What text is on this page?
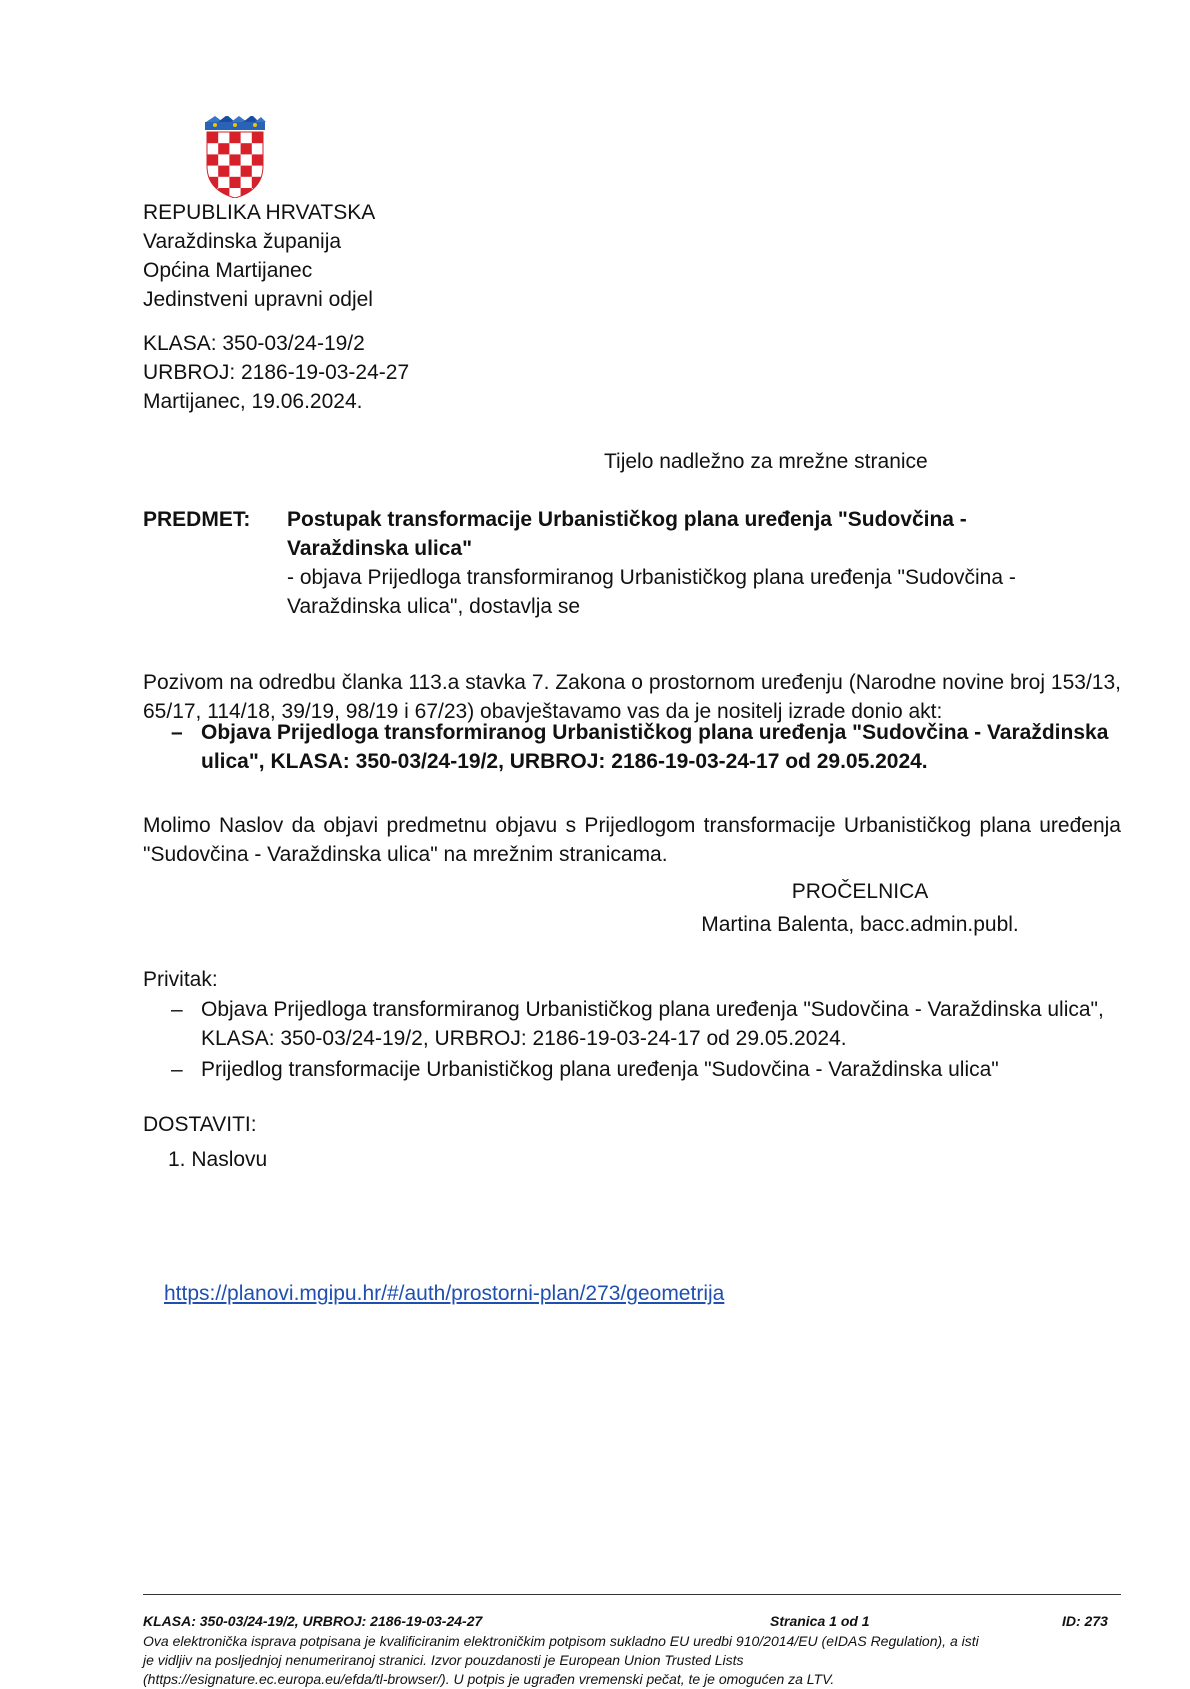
REPUBLIKA HRVATSKA

Varaždinska županija

Općina Martijanec

Jedinstveni upravni odjel

KLASA: 350-03/24-19/2

URBROJ: 2186-19-03-24-27

Martijanec, 19.06.2024.

Tijelo nadležno za mrežne stranice

PREDMET: Postupak transformacije Urbanističkog plana uređenja "Sudovčina -

Varaždinska ulica"

- objava Prijedloga transformiranog Urbanističkog plana uređenja "Sudovčina -

Varaždinska ulica", dostavlja se

Pozivom na odredbu članka 113.a stavka 7. Zakona o prostornom uređenju (Narodne novine broj 153/13, 65/17, 114/18, 39/19, 98/19 i 67/23) obavještavamo vas da je nositelj izrade donio akt:

– Objava Prijedloga transformiranog Urbanističkog plana uređenja "Sudovčina - Varaždinska ulica", KLASA: 350-03/24-19/2, URBROJ: 2186-19-03-24-17 od 29.05.2024.

Molimo Naslov da objavi predmetnu objavu s Prijedlogom transformacije Urbanističkog plana uređenja "Sudovčina - Varaždinska ulica" na mrežnim stranicama.

PROČELNICA

Martina Balenta, bacc.admin.publ.

Privitak:

– Objava Prijedloga transformiranog Urbanističkog plana uređenja "Sudovčina - Varaždinska ulica", KLASA: 350-03/24-19/2, URBROJ: 2186-19-03-24-17 od 29.05.2024.
– Prijedlog transformacije Urbanističkog plana uređenja "Sudovčina - Varaždinska ulica"

DOSTAVITI:

1. Naslovu

https://planovi.mgipu.hr/#/auth/prostorni-plan/273/geometrija

KLASA: 350-03/24-19/2, URBROJ: 2186-19-03-24-27	Stranica 1 od 1	ID: 273

Ova elektronička isprava potpisana je kvalificiranim elektroničkim potpisom sukladno EU uredbi 910/2014/EU (eIDAS Regulation), a isti

je vidljiv na posljednjoj nenumeriranoj stranici. Izvor pouzdanosti je European Union Trusted Lists

(https://esignature.ec.europa.eu/efda/tl-browser/). U potpis je ugrađen vremenski pečat, te je omogućen za LTV.
